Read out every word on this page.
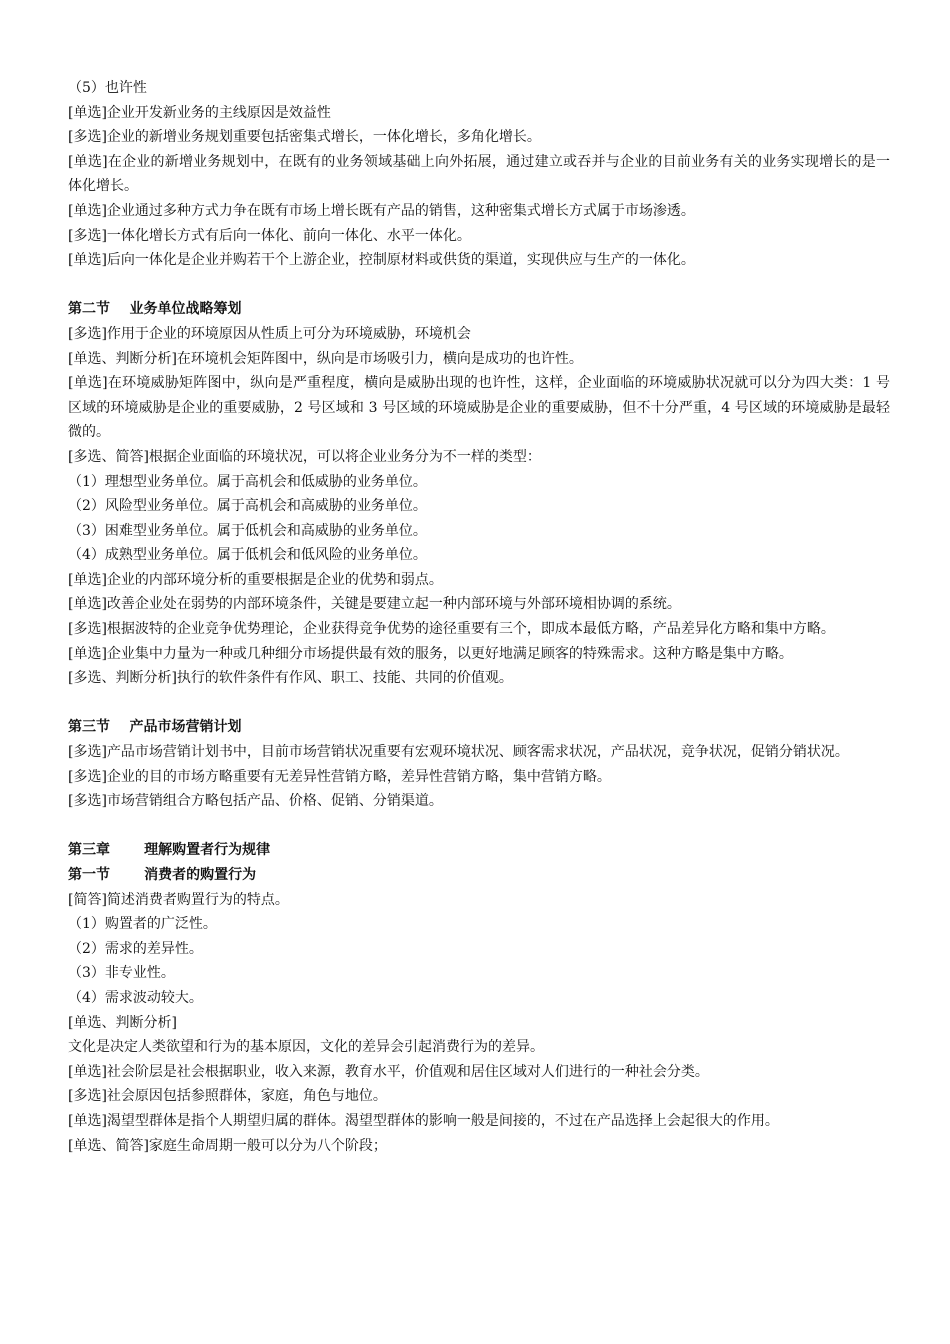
（5）也许性
[单选]企业开发新业务的主线原因是效益性
[多选]企业的新增业务规划重要包括密集式增长，一体化增长，多角化增长。
[单选]在企业的新增业务规划中，在既有的业务领域基础上向外拓展，通过建立或吞并与企业的目前业务有关的业务实现增长的是一体化增长。
[单选]企业通过多种方式力争在既有市场上增长既有产品的销售，这种密集式增长方式属于市场渗透。
[多选]一体化增长方式有后向一体化、前向一体化、水平一体化。
[单选]后向一体化是企业并购若干个上游企业，控制原材料或供货的渠道，实现供应与生产的一体化。
第二节    业务单位战略筹划
[多选]作用于企业的环境原因从性质上可分为环境威胁，环境机会
[单选、判断分析]在环境机会矩阵图中，纵向是市场吸引力，横向是成功的也许性。
[单选]在环境威胁矩阵图中，纵向是严重程度，横向是威胁出现的也许性，这样，企业面临的环境威胁状况就可以分为四大类：1 号区域的环境威胁是企业的重要威胁，2 号区域和 3 号区域的环境威胁是企业的重要威胁，但不十分严重，4 号区域的环境威胁是最轻微的。
[多选、简答]根据企业面临的环境状况，可以将企业业务分为不一样的类型：
（1）理想型业务单位。属于高机会和低威胁的业务单位。
（2）风险型业务单位。属于高机会和高威胁的业务单位。
（3）困难型业务单位。属于低机会和高威胁的业务单位。
（4）成熟型业务单位。属于低机会和低风险的业务单位。
[单选]企业的内部环境分析的重要根据是企业的优势和弱点。
[单选]改善企业处在弱势的内部环境条件，关键是要建立起一种内部环境与外部环境相协调的系统。
[多选]根据波特的企业竞争优势理论，企业获得竞争优势的途径重要有三个，即成本最低方略，产品差异化方略和集中方略。
[单选]企业集中力量为一种或几种细分市场提供最有效的服务，以更好地满足顾客的特殊需求。这种方略是集中方略。
[多选、判断分析]执行的软件条件有作风、职工、技能、共同的价值观。
第三节    产品市场营销计划
[多选]产品市场营销计划书中，目前市场营销状况重要有宏观环境状况、顾客需求状况，产品状况，竞争状况，促销分销状况。
[多选]企业的目的市场方略重要有无差异性营销方略，差异性营销方略，集中营销方略。
[多选]市场营销组合方略包括产品、价格、促销、分销渠道。
第三章       理解购置者行为规律
第一节       消费者的购置行为
[简答]简述消费者购置行为的特点。
（1）购置者的广泛性。
（2）需求的差异性。
（3）非专业性。
（4）需求波动较大。
[单选、判断分析]
文化是决定人类欲望和行为的基本原因，文化的差异会引起消费行为的差异。
[单选]社会阶层是社会根据职业，收入来源，教育水平，价值观和居住区域对人们进行的一种社会分类。
[多选]社会原因包括参照群体，家庭，角色与地位。
[单选]渴望型群体是指个人期望归属的群体。渴望型群体的影响一般是间接的，不过在产品选择上会起很大的作用。
[单选、简答]家庭生命周期一般可以分为八个阶段；
